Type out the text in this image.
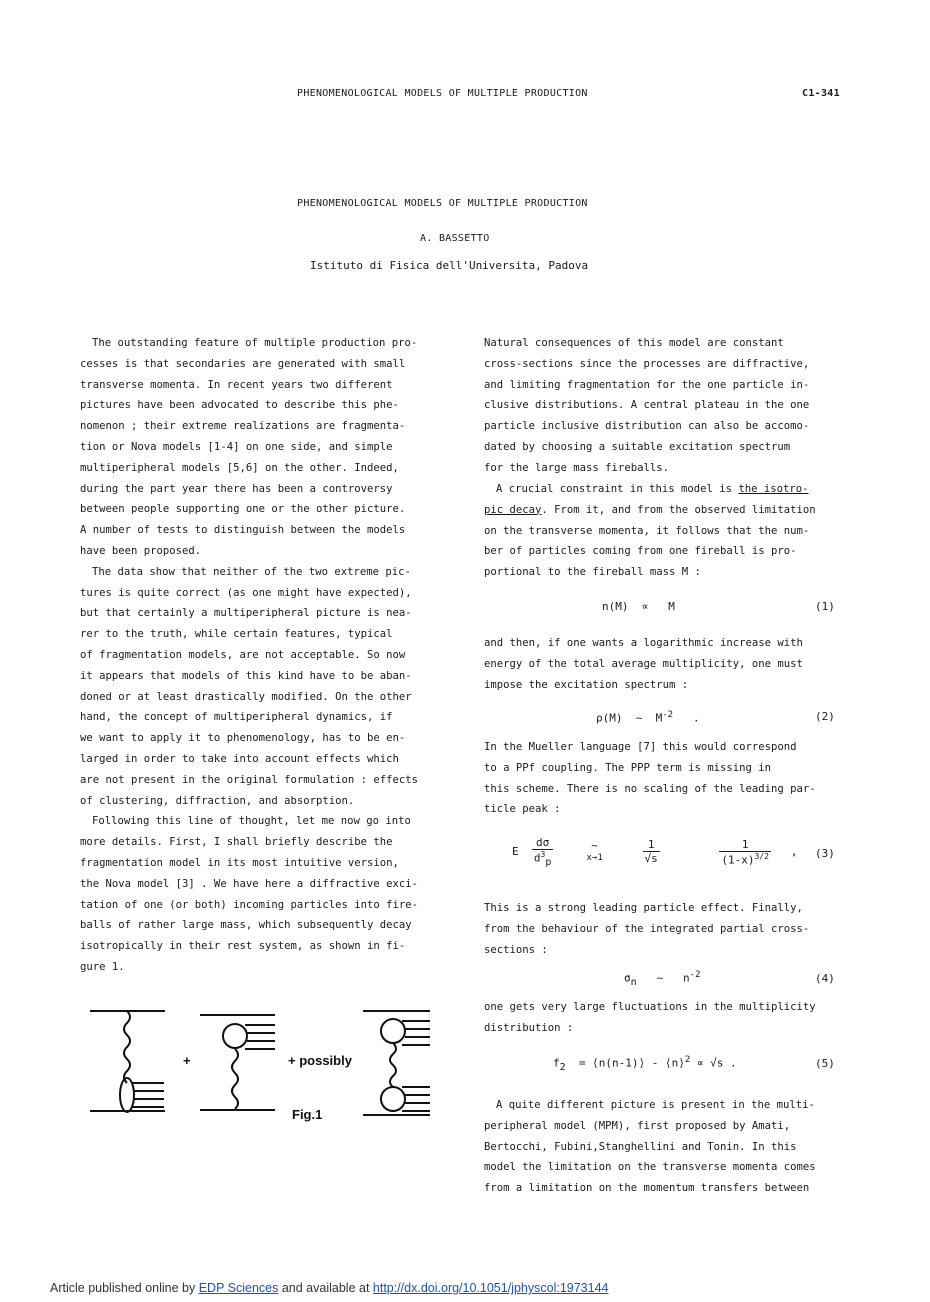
PHENOMENOLOGICAL MODELS OF MULTIPLE PRODUCTION	C1-341
PHENOMENOLOGICAL MODELS OF MULTIPLE PRODUCTION
A. BASSETTO
Istituto di Fisica dell'Universita, Padova

The outstanding feature of multiple production pro-

cesses is that secondaries are generated with small

transverse momenta. In recent years two different

pictures have been advocated to describe this phe-

nomenon ; their extreme realizations are fragmenta-

tion or Nova models [1-4] on one side, and simple

multiperipheral models [5,6] on the other. Indeed,

during the part year there has been a controversy

between people supporting one or the other picture.

A number of tests to distinguish between the models

have been proposed.

The data show that neither of the two extreme pic-

tures is quite correct (as one might have expected),

but that certainly a multiperipheral picture is nea-

rer to the truth, while certain features, typical

of fragmentation models, are not acceptable. So now

it appears that models of this kind have to be aban-

doned or at least drastically modified. On the other

hand, the concept of multiperipheral dynamics, if

we want to apply it to phenomenology, has to be en-

larged in order to take into account effects which

are not present in the original formulation : effects

of clustering, diffraction, and absorption.

Following this line of thought, let me now go into

more details. First, I shall briefly describe the

fragmentation model in its most intuitive version,

the Nova model [3] . We have here a diffractive exci-

tation of one (or both) incoming particles into fire-

balls of rather large mass, which subsequently decay

isotropically in their rest system, as shown in fi-

gure 1.

+	+ possibly
Fig.1

Natural consequences of this model are constant

cross-sections since the processes are diffractive,

and limiting fragmentation for the one particle in-

clusive distributions. A central plateau in the one

particle inclusive distribution can also be accomo-

dated by choosing a suitable excitation spectrum

for the large mass fireballs.

A crucial constraint in this model is the isotro-

pic decay. From it, and from the observed limitation

on the transverse momenta, it follows that the num-

ber of particles coming from one fireball is pro-

portional to the fireball mass M :

n(M) ∝ M	(1)

and then, if one wants a logarithmic increase with

energy of the total average multiplicity, one must

impose the excitation spectrum :

ρ(M) ~ $M^{-2}$ .	(2)

In the Mueller language [7] this would correspond

to a PPf coupling. The PPP term is missing in

this scheme. There is no scaling of the leading par-

ticle peak :

E $\frac{d\sigma}{d^3_p}$
	~
x→1
	$\frac{1}{√s}$
	$\frac{1}{(1-x)^{3/2}}$ , (3)

This is a strong leading particle effect. Finally,

from the behaviour of the integrated partial cross-

sections :

$\sigma_n$ ~ $n^{-2}$	(4)

one gets very large fluctuations in the multiplicity

distribution :

$f_2$ = ⟨n(n-1)⟩ - ⟨n⟩$^2$ ∝ √s .	(5)

A quite different picture is present in the multi-

peripheral model (MPM), first proposed by Amati,

Bertocchi, Fubini,Stanghellini and Tonin. In this

model the limitation on the transverse momenta comes

from a limitation on the momentum transfers between

Article published online by EDP Sciences and available at http://dx.doi.org/10.1051/jphyscol:1973144
